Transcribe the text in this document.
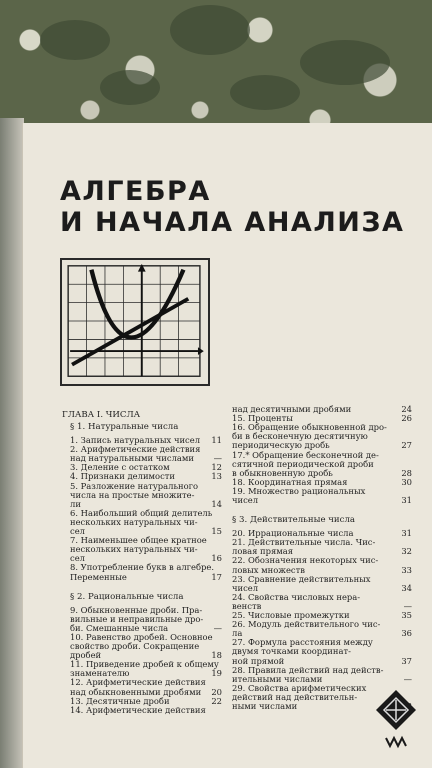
АЛГЕБРА
И НАЧАЛА АНАЛИЗА
ГЛАВА I. ЧИСЛА
§ 1. Натуральные числа
1. Запись натуральных чисел	11
2. Арифметические действия
над натуральными числами	—
3. Деление с остатком	12
4. Признаки делимости	13
5. Разложение натурального
числа на простые множите-
ли	14
6. Наибольший общий делитель
нескольких натуральных чи-
сел	15
7. Наименьшее общее кратное
нескольких натуральных чи-
сел	16
8. Употребление букв в алгебре.
Переменные	17
§ 2. Рациональные числа
9. Обыкновенные дроби. Пра-
вильные и неправильные дро-
би. Смешанные числа	—
10. Равенство дробей. Основное
свойство дроби. Сокращение
дробей	18
11. Приведение дробей к общему
знаменателю	19
12. Арифметические действия
над обыкновенными дробями	20
13. Десятичные дроби	22
14. Арифметические действия
над десятичными дробями	24
15. Проценты	26
16. Обращение обыкновенной дро-
би в бесконечную десятичную
периодическую дробь	27
17.* Обращение бесконечной де-
сятичной периодической дроби
в обыкновенную дробь	28
18. Координатная прямая	30
19. Множество рациональных
чисел	31
§ 3. Действительные числа
20. Иррациональные числа	31
21. Действительные числа. Чис-
ловая прямая	32
22. Обозначения некоторых чис-
ловых множеств	33
23. Сравнение действительных
чисел	34
24. Свойства числовых нера-
венств	—
25. Числовые промежутки	35
26. Модуль действительного чис-
ла	36
27. Формула расстояния между
двумя точками координат-
ной прямой	37
28. Правила действий над действ-
ительными числами	—
29. Свойства арифметических
действий над действительн-
ными числами
